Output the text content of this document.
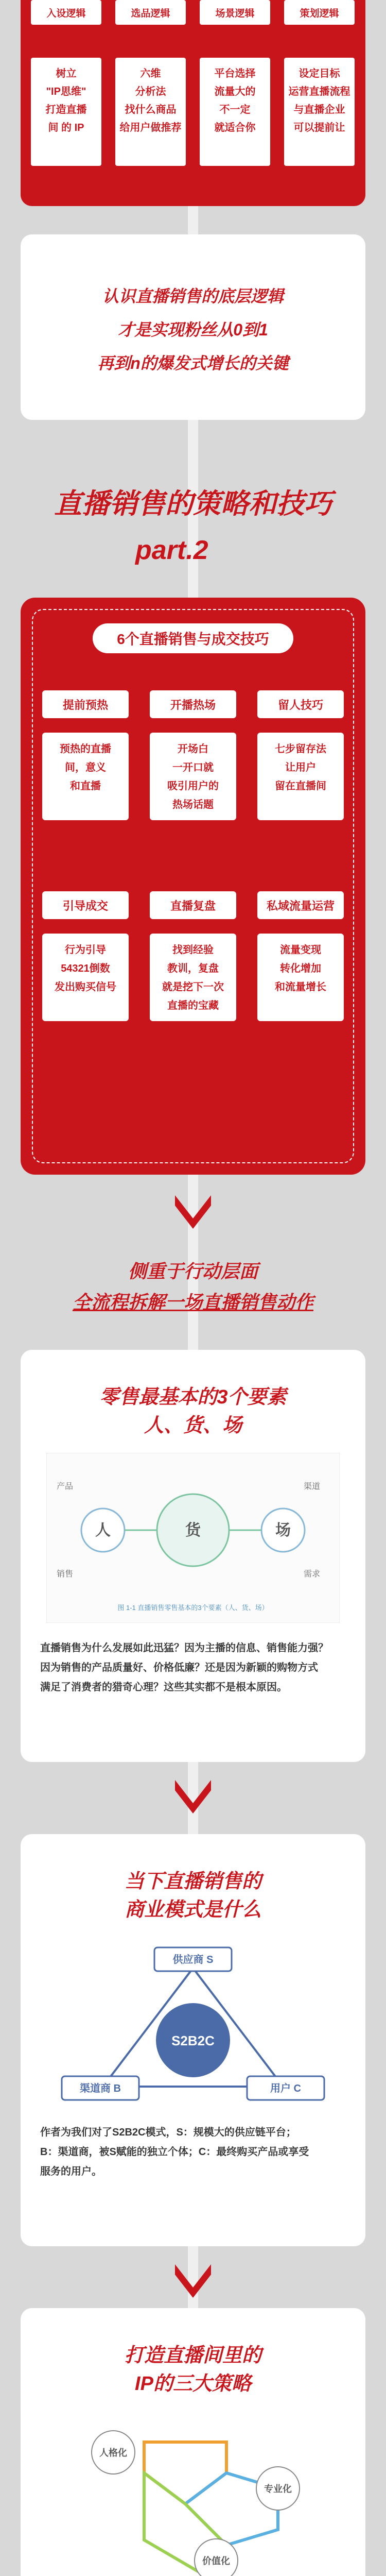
入设逻辑	选品逻辑	场景逻辑	策划逻辑
树立
"IP思维"
打造直播
间 的 IP
六维
分析法
找什么商品
给用户做推荐
平台选择
流量大的
不一定
就适合你
设定目标
运营直播流程
与直播企业
可以提前让
认识直播销售的底层逻辑
才是实现粉丝从0到1
再到n的爆发式增长的关键
直播销售的策略和技巧
part.2
6个直播销售与成交技巧
提前预热	开播热场	留人技巧
预热的直播
间，意义
和直播
开场白
一开口就
吸引用户的
热场话题
七步留存法
让用户
留在直播间
引导成交	直播复盘	私域流量运营
行为引导
54321倒数
发出购买信号
找到经验
教训，复盘
就是挖下一次
直播的宝藏
流量变现
转化增加
和流量增长
侧重于行动层面
全流程拆解一场直播销售动作
零售最基本的3个要素
人、货、场
人	货	场
产品
销售
渠道
需求
图 1-1 直播销售零售基本的3个要素（人、货、场）
直播销售为什么发展如此迅猛？因为主播的信息、销售能力强？
因为销售的产品质量好、价格低廉？还是因为新颖的购物方式
满足了消费者的猎奇心理？这些其实都不是根本原因。
当下直播销售的
商业模式是什么
S2B2C
供应商 S
渠道商 B	用户 C
作者为我们对了S2B2C模式，S：规模大的供应链平台；
B：渠道商，被S赋能的独立个体；C：最终购买产品或享受
服务的用户。
打造直播间里的
IP的三大策略
人格化
专业化
价值化
